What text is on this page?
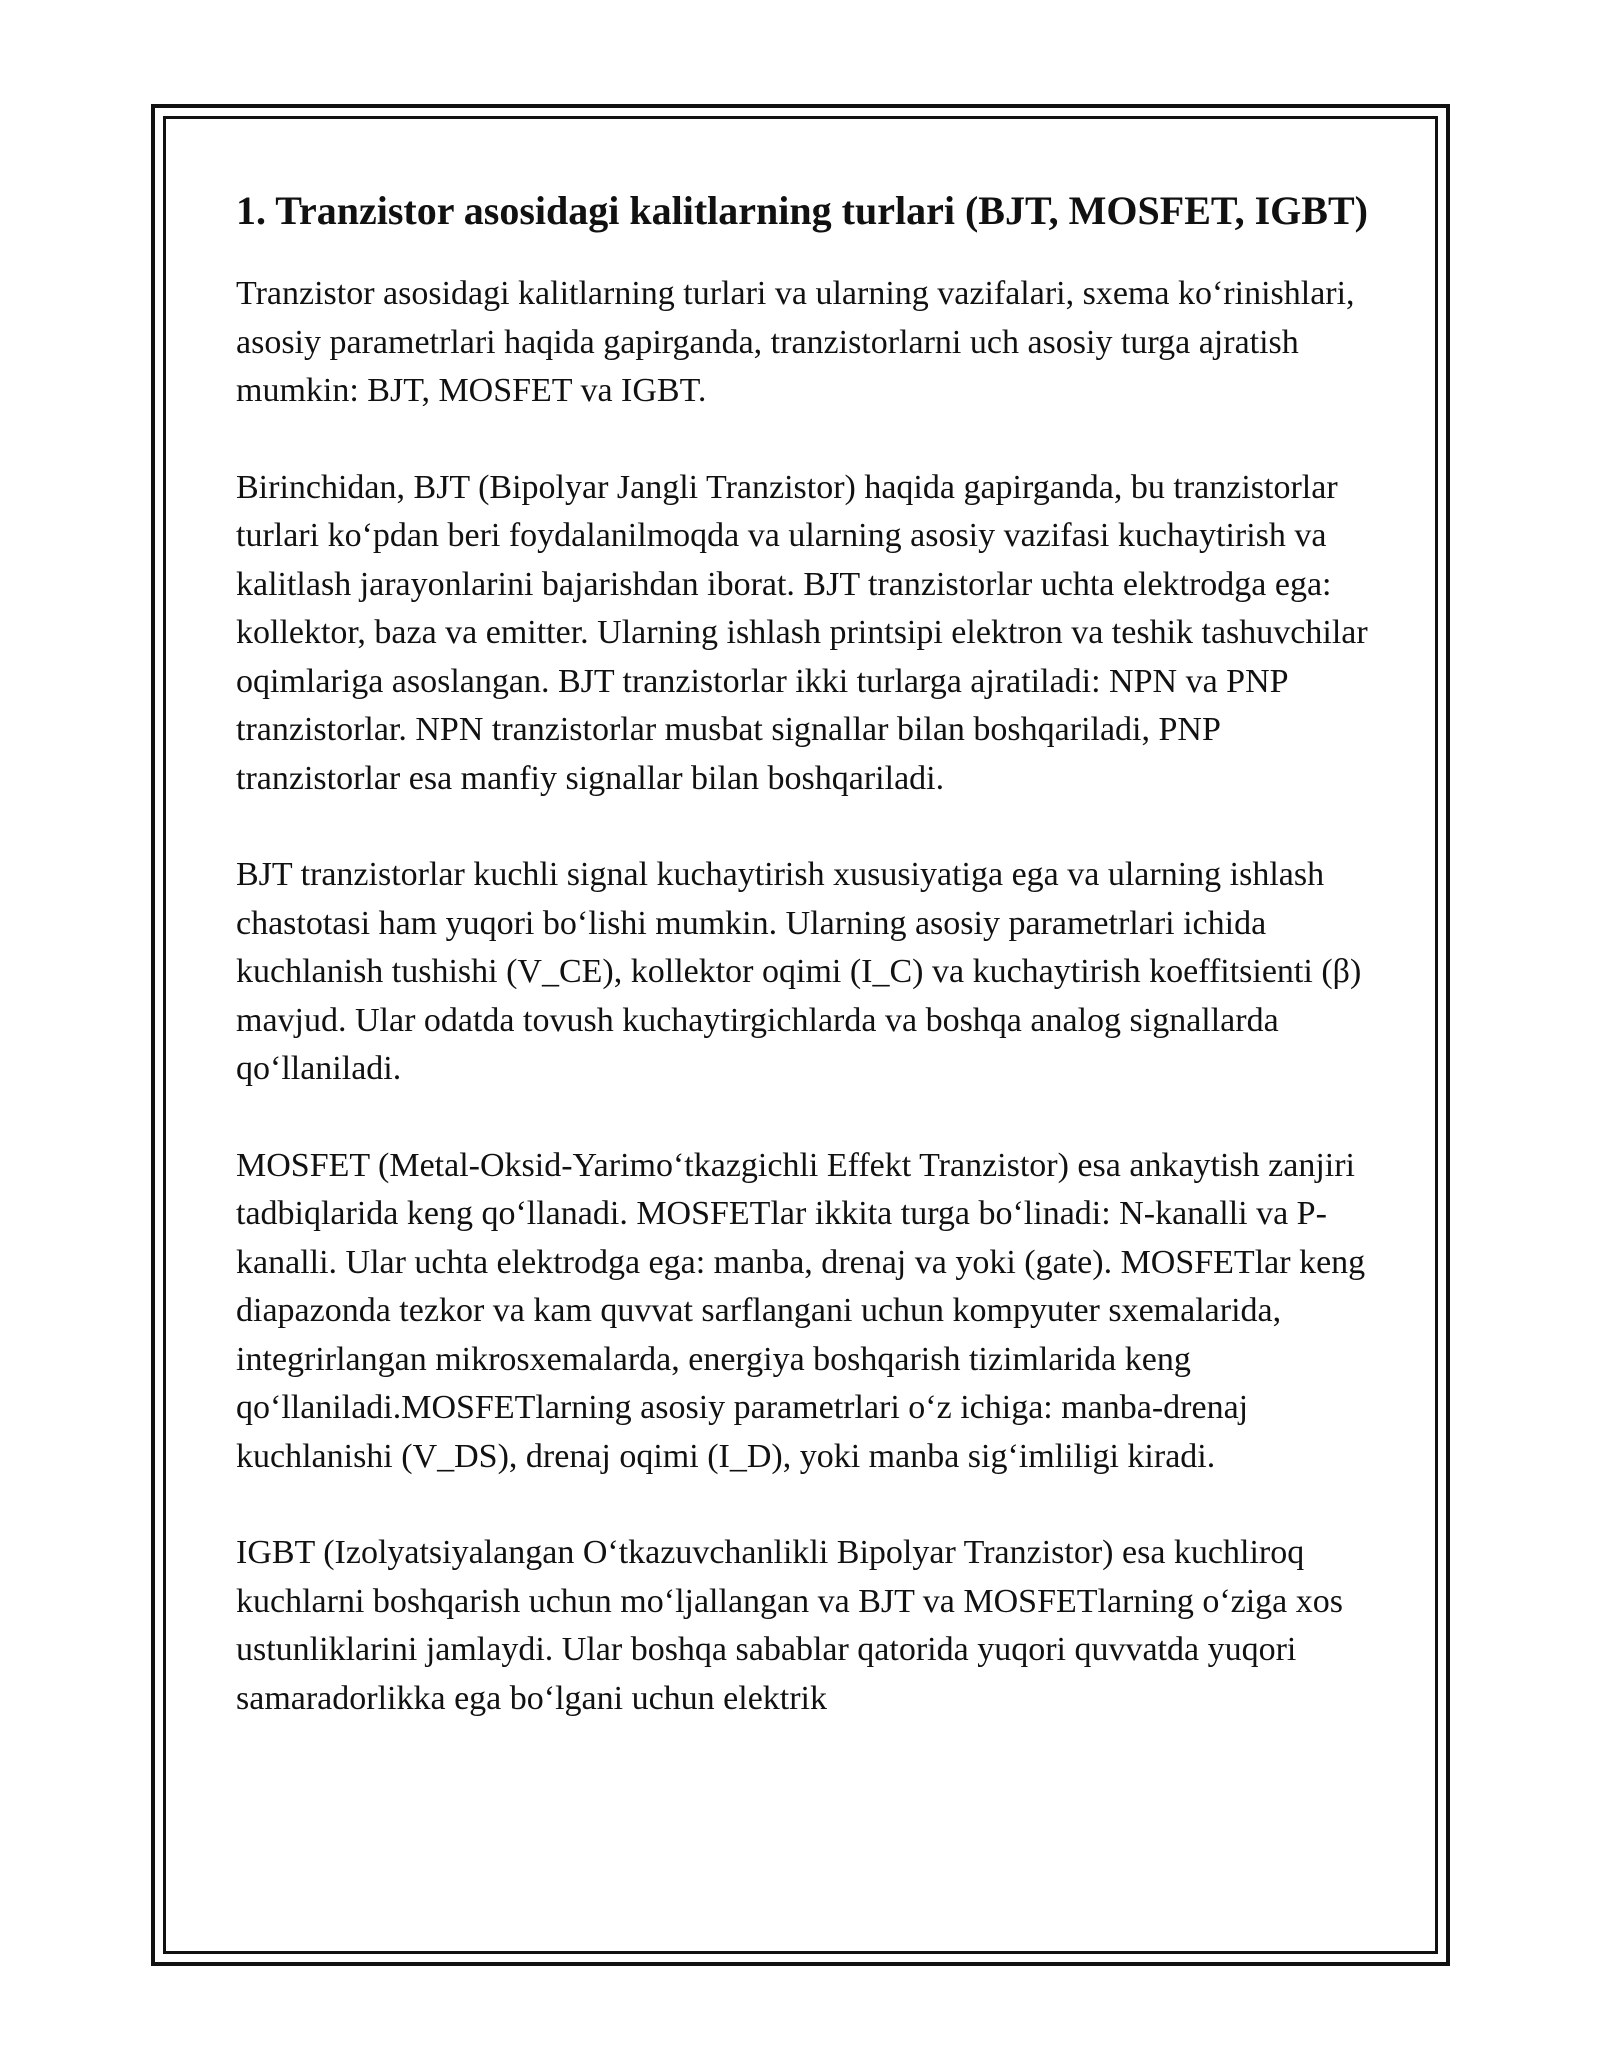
1. Tranzistor asosidagi kalitlarning turlari (BJT, MOSFET, IGBT)

Tranzistor asosidagi kalitlarning turlari va ularning vazifalari, sxema ko‘rinishlari, asosiy parametrlari haqida gapirganda, tranzistorlarni uch asosiy turga ajratish mumkin: BJT, MOSFET va IGBT.

Birinchidan, BJT (Bipolyar Jangli Tranzistor) haqida gapirganda, bu tranzistorlar turlari ko‘pdan beri foydalanilmoqda va ularning asosiy vazifasi kuchaytirish va kalitlash jarayonlarini bajarishdan iborat. BJT tranzistorlar uchta elektrodga ega: kollektor, baza va emitter. Ularning ishlash printsipi elektron va teshik tashuvchilar oqimlariga asoslangan. BJT tranzistorlar ikki turlarga ajratiladi: NPN va PNP tranzistorlar. NPN tranzistorlar musbat signallar bilan boshqariladi, PNP tranzistorlar esa manfiy signallar bilan boshqariladi.

BJT tranzistorlar kuchli signal kuchaytirish xususiyatiga ega va ularning ishlash chastotasi ham yuqori bo‘lishi mumkin. Ularning asosiy parametrlari ichida kuchlanish tushishi (V_CE), kollektor oqimi (I_C) va kuchaytirish koeffitsienti (β) mavjud. Ular odatda tovush kuchaytirgichlarda va boshqa analog signallarda qo‘llaniladi.

MOSFET (Metal-Oksid-Yarimo‘tkazgichli Effekt Tranzistor) esa ankaytish zanjiri tadbiqlarida keng qo‘llanadi. MOSFETlar ikkita turga bo‘linadi: N-kanalli va P-kanalli. Ular uchta elektrodga ega: manba, drenaj va yoki (gate). MOSFETlar keng diapazonda tezkor va kam quvvat sarflangani uchun kompyuter sxemalarida, integrirlangan mikrosxemalarda, energiya boshqarish tizimlarida keng qo‘llaniladi.MOSFETlarning asosiy parametrlari o‘z ichiga: manba-drenaj kuchlanishi (V_DS), drenaj oqimi (I_D), yoki manba sig‘imliligi kiradi.

IGBT (Izolyatsiyalangan O‘tkazuvchanlikli Bipolyar Tranzistor) esa kuchliroq kuchlarni boshqarish uchun mo‘ljallangan va BJT va MOSFETlarning o‘ziga xos ustunliklarini jamlaydi. Ular boshqa sabablar qatorida yuqori quvvatda yuqori samaradorlikka ega bo‘lgani uchun elektrik
